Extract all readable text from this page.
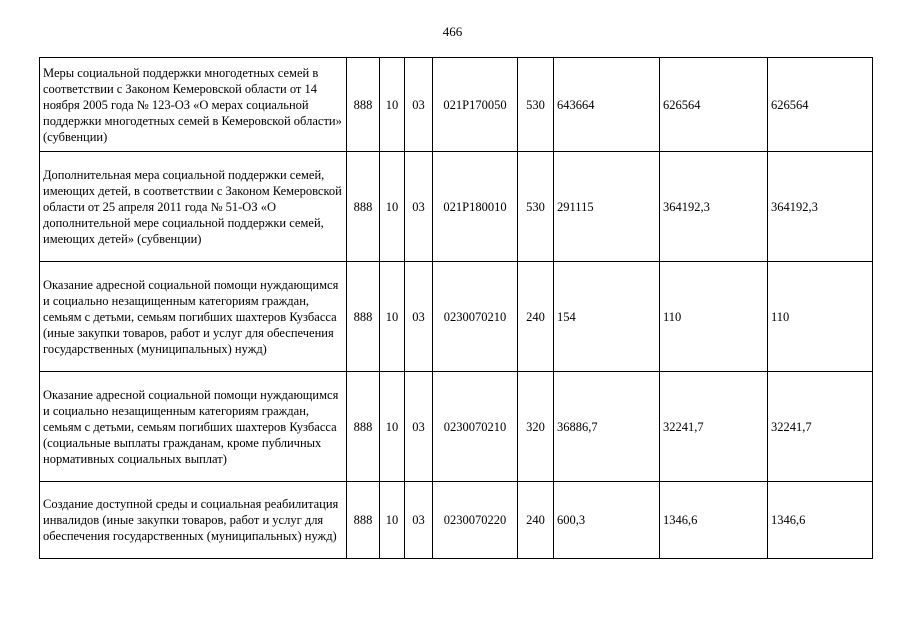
466
Меры социальной поддержки многодетных семей в соответствии с Законом Кемеровской области от 14 ноября 2005 года № 123-ОЗ «О мерах социальной поддержки многодетных семей в Кемеровской области» (субвенции)	888	10	03	021P170050	530	643664	626564	626564
Дополнительная мера социальной поддержки семей, имеющих детей, в соответствии с Законом Кемеровской области от 25 апреля 2011 года № 51-ОЗ «О дополнительной мере социальной поддержки семей, имеющих детей» (субвенции)	888	10	03	021P180010	530	291115	364192,3	364192,3
Оказание адресной социальной помощи нуждающимся и социально незащищенным категориям граждан, семьям с детьми, семьям погибших шахтеров Кузбасса (иные закупки товаров, работ и услуг для обеспечения государственных (муниципальных) нужд)	888	10	03	0230070210	240	154	110	110
Оказание адресной социальной помощи нуждающимся и социально незащищенным категориям граждан, семьям с детьми, семьям погибших шахтеров Кузбасса (социальные выплаты гражданам, кроме публичных нормативных социальных выплат)	888	10	03	0230070210	320	36886,7	32241,7	32241,7
Создание доступной среды и социальная реабилитация инвалидов (иные закупки товаров, работ и услуг для обеспечения государственных (муниципальных) нужд)	888	10	03	0230070220	240	600,3	1346,6	1346,6
